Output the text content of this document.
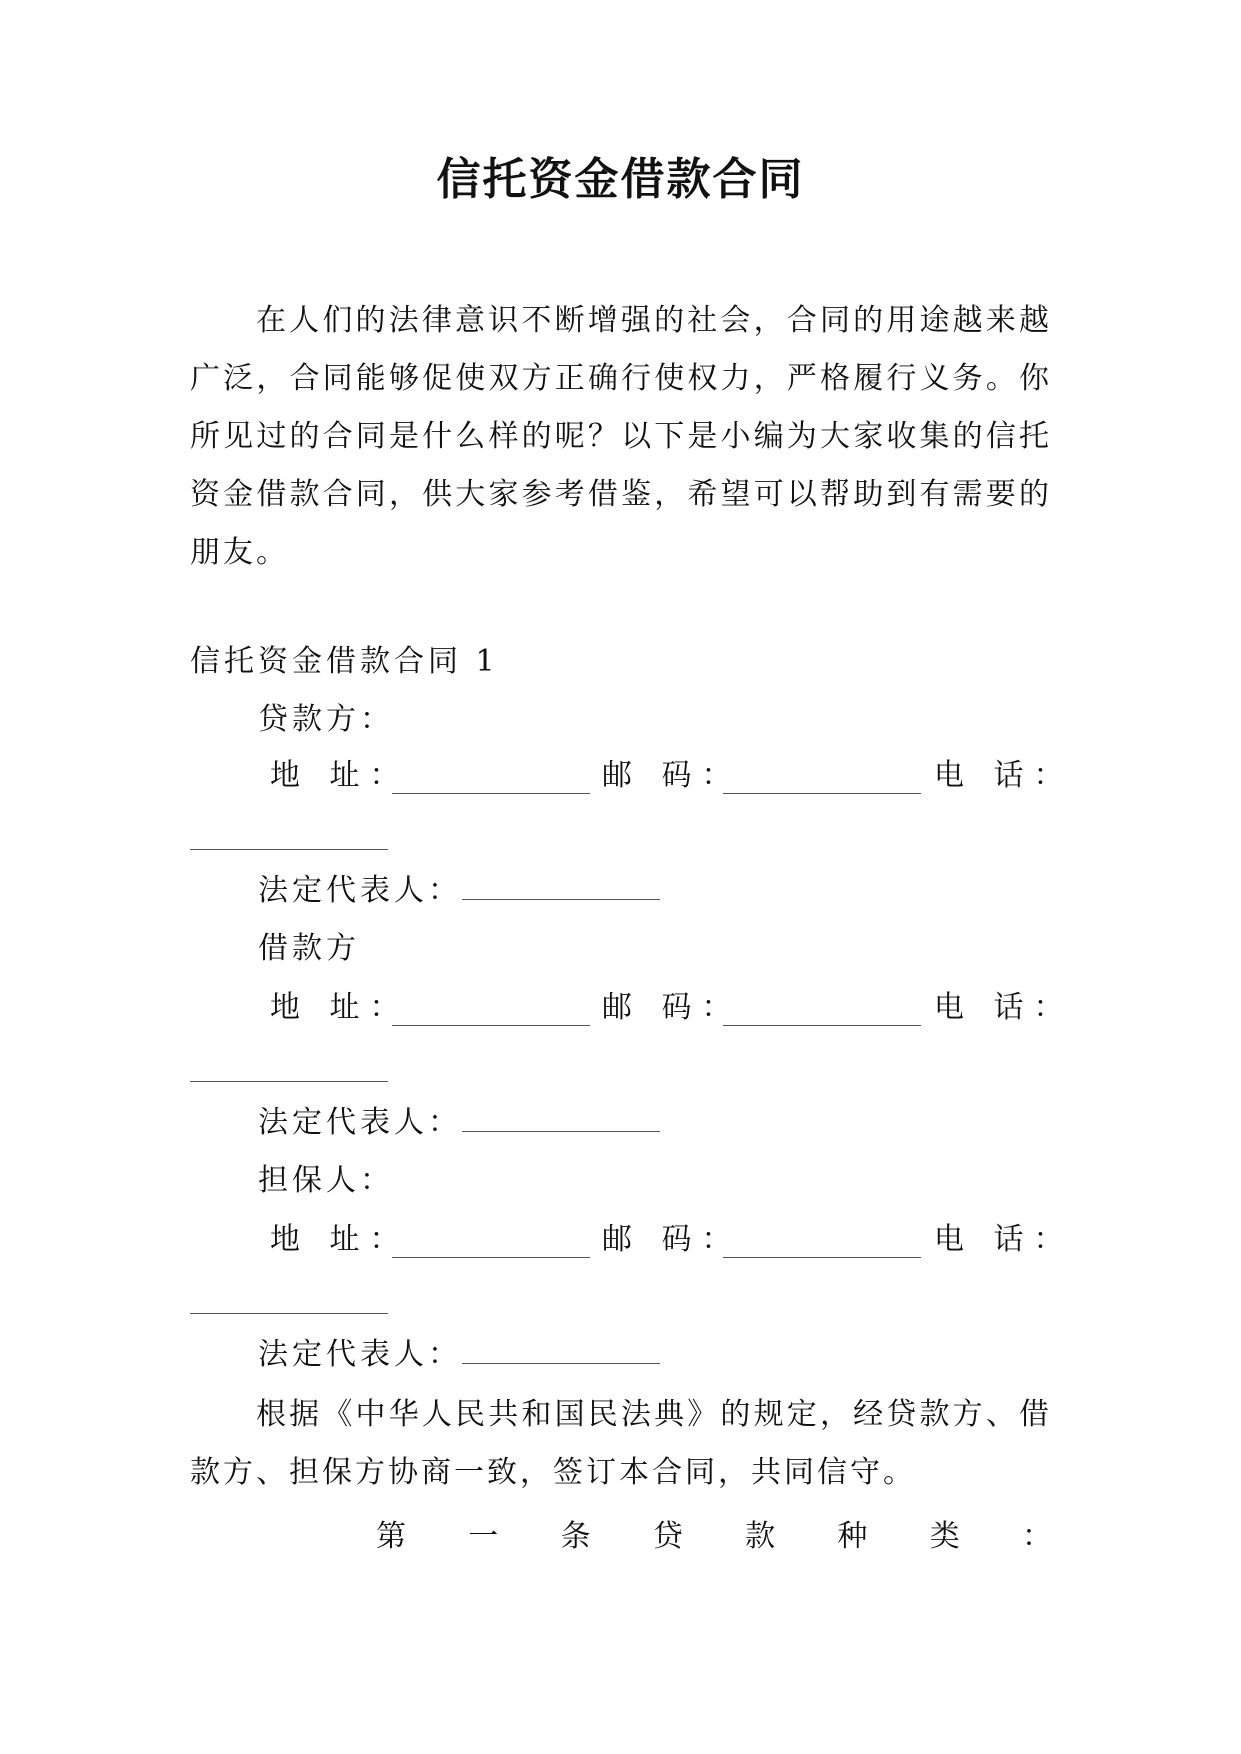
信托资金借款合同
在人们的法律意识不断增强的社会，合同的用途越来越广泛，合同能够促使双方正确行使权力，严格履行义务。你所见过的合同是什么样的呢？以下是小编为大家收集的信托资金借款合同，供大家参考借鉴，希望可以帮助到有需要的朋友。
信托资金借款合同 1
贷款方：
地 址：	邮 码：	电 话：
法定代表人：
借款方
地 址：	邮 码：	电 话：
法定代表人：
担保人：
地 址：	邮 码：	电 话：
法定代表人：
根据《中华人民共和国民法典》的规定，经贷款方、借款方、担保方协商一致，签订本合同，共同信守。
第 一 条 贷 款 种 类 ：
